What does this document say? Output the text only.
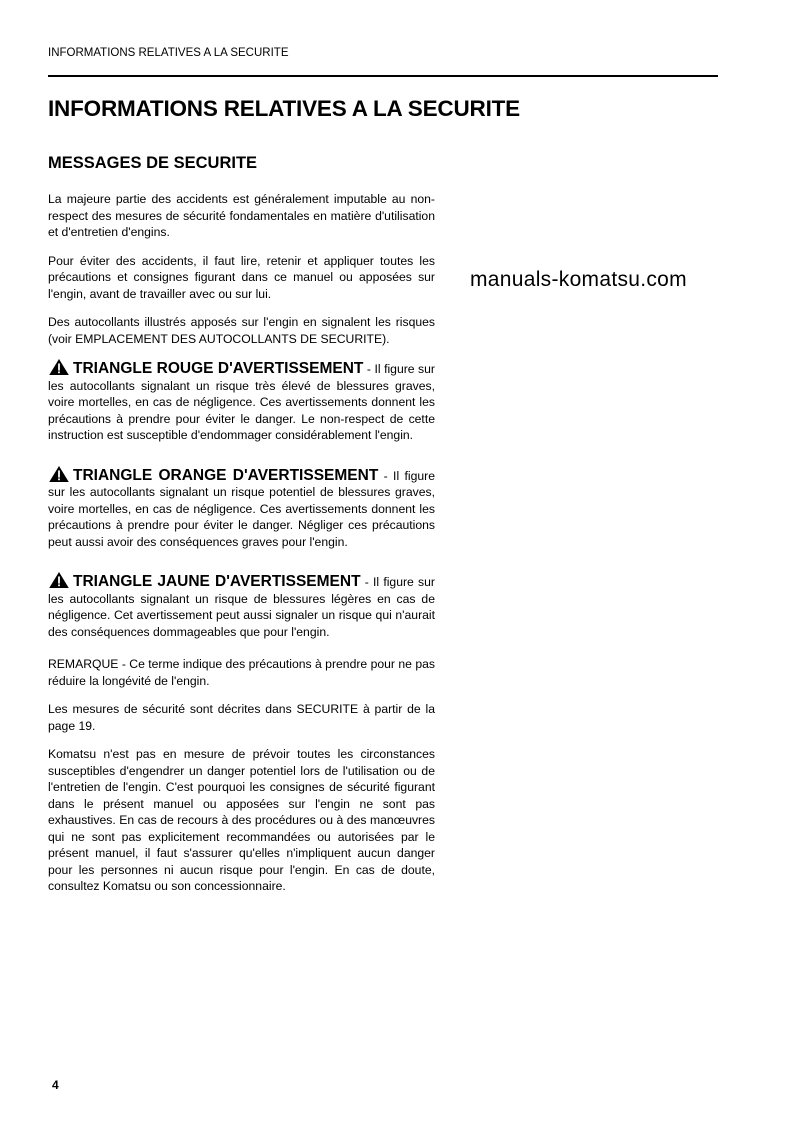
INFORMATIONS RELATIVES A LA SECURITE
INFORMATIONS RELATIVES A LA SECURITE
MESSAGES DE SECURITE
La majeure partie des accidents est généralement imputable au non-respect des mesures de sécurité fondamentales en matière d'utilisation et d'entretien d'engins.
Pour éviter des accidents, il faut lire, retenir et appliquer toutes les précautions et consignes figurant dans ce manuel ou apposées sur l'engin, avant de travailler avec ou sur lui.
Des autocollants illustrés apposés sur l'engin en signalent les risques (voir EMPLACEMENT DES AUTOCOLLANTS DE SECURITE).
TRIANGLE ROUGE D'AVERTISSEMENT - Il figure sur les autocollants signalant un risque très élevé de blessures graves, voire mortelles, en cas de négligence. Ces avertissements donnent les précautions à prendre pour éviter le danger. Le non-respect de cette instruction est susceptible d'endommager considérablement l'engin.
TRIANGLE ORANGE D'AVERTISSEMENT - Il figure sur les autocollants signalant un risque potentiel de blessures graves, voire mortelles, en cas de négligence. Ces avertissements donnent les précautions à prendre pour éviter le danger. Négliger ces précautions peut aussi avoir des conséquences graves pour l'engin.
TRIANGLE JAUNE D'AVERTISSEMENT - Il figure sur les autocollants signalant un risque de blessures légères en cas de négligence. Cet avertissement peut aussi signaler un risque qui n'aurait des conséquences dommageables que pour l'engin.
REMARQUE - Ce terme indique des précautions à prendre pour ne pas réduire la longévité de l'engin.
Les mesures de sécurité sont décrites dans SECURITE à partir de la page 19.
Komatsu n'est pas en mesure de prévoir toutes les circonstances susceptibles d'engendrer un danger potentiel lors de l'utilisation ou de l'entretien de l'engin. C'est pourquoi les consignes de sécurité figurant dans le présent manuel ou apposées sur l'engin ne sont pas exhaustives. En cas de recours à des procédures ou à des manœuvres qui ne sont pas explicitement recommandées ou autorisées par le présent manuel, il faut s'assurer qu'elles n'impliquent aucun danger pour les personnes ni aucun risque pour l'engin. En cas de doute, consultez Komatsu ou son concessionnaire.
manuals-komatsu.com
4
